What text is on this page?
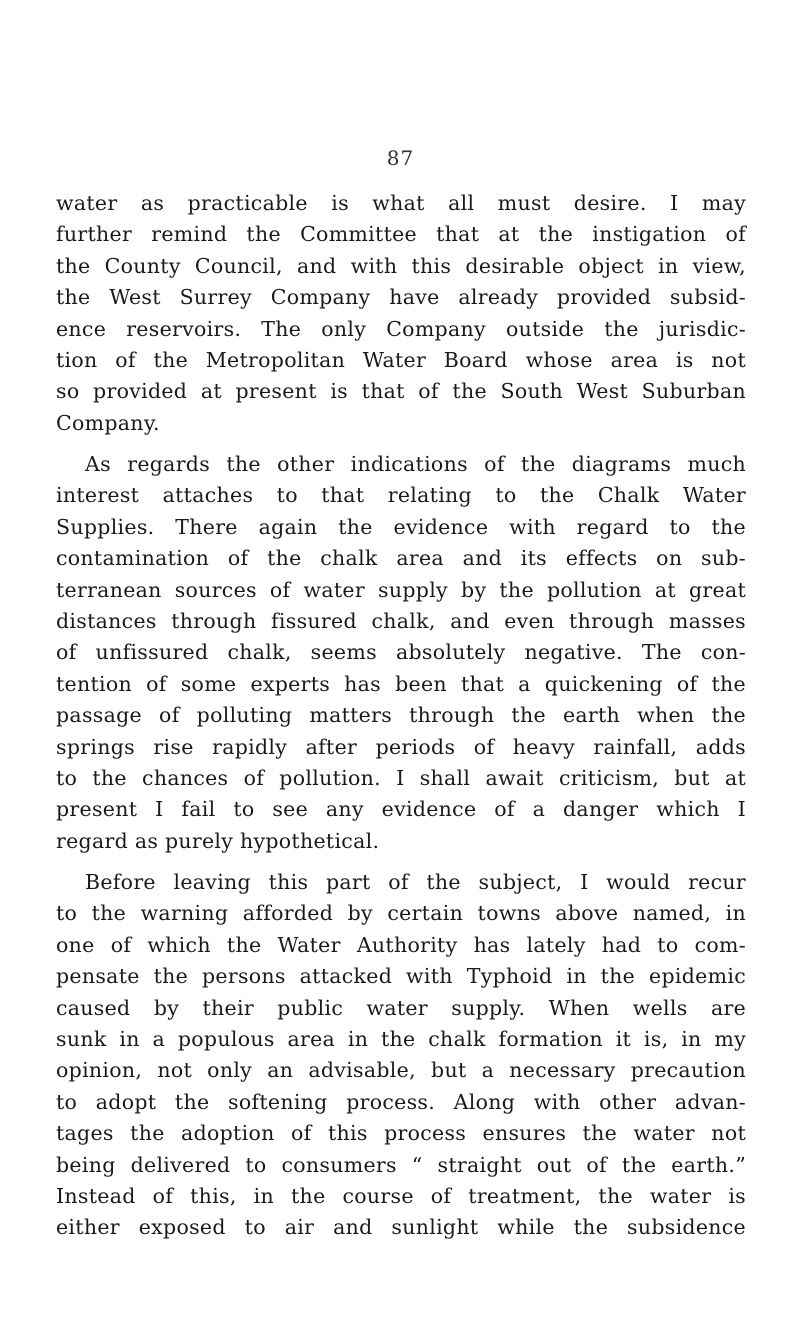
87
water as practicable is what all must desire. I may
further remind the Committee that at the instigation of
the County Council, and with this desirable object in view,
the West Surrey Company have already provided subsid-
ence reservoirs. The only Company outside the jurisdic-
tion of the Metropolitan Water Board whose area is not
so provided at present is that of the South West Suburban
Company.
As regards the other indications of the diagrams much
interest attaches to that relating to the Chalk Water
Supplies. There again the evidence with regard to the
contamination of the chalk area and its effects on sub-
terranean sources of water supply by the pollution at great
distances through fissured chalk, and even through masses
of unfissured chalk, seems absolutely negative. The con-
tention of some experts has been that a quickening of the
passage of polluting matters through the earth when the
springs rise rapidly after periods of heavy rainfall, adds
to the chances of pollution. I shall await criticism, but at
present I fail to see any evidence of a danger which I
regard as purely hypothetical.
Before leaving this part of the subject, I would recur
to the warning afforded by certain towns above named, in
one of which the Water Authority has lately had to com-
pensate the persons attacked with Typhoid in the epidemic
caused by their public water supply. When wells are
sunk in a populous area in the chalk formation it is, in my
opinion, not only an advisable, but a necessary precaution
to adopt the softening process. Along with other advan-
tages the adoption of this process ensures the water not
being delivered to consumers “ straight out of the earth.”
Instead of this, in the course of treatment, the water is
either exposed to air and sunlight while the subsidence
